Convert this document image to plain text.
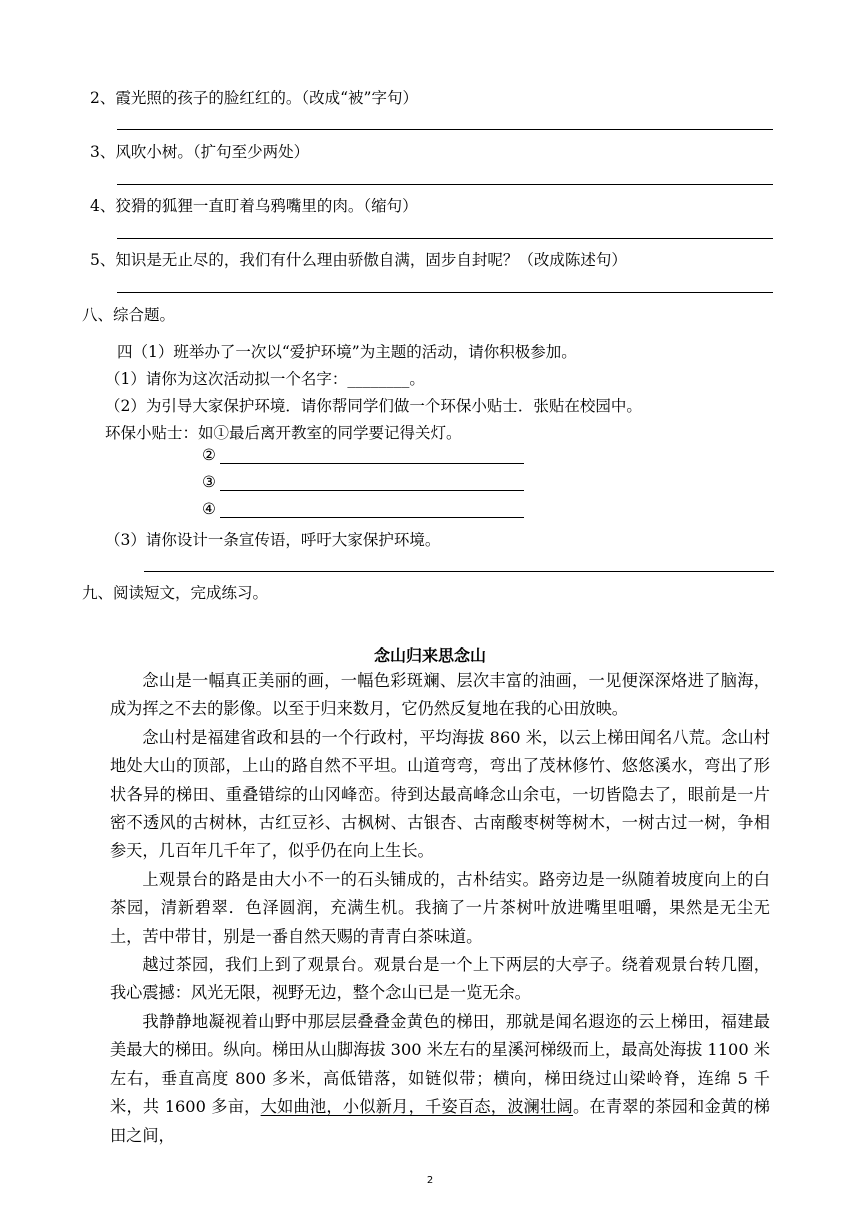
2、霞光照的孩子的脸红红的。（改成“被”字句）
3、风吹小树。（扩句至少两处）
4、狡猾的狐狸一直盯着乌鸦嘴里的肉。（缩句）
5、知识是无止尽的，我们有什么理由骄傲自满，固步自封呢？（改成陈述句）
八、综合题。
四（1）班举办了一次以“爱护环境”为主题的活动，请你积极参加。
（1）请你为这次活动拟一个名字：________。
（2）为引导大家保护环境．请你帮同学们做一个环保小贴士．张贴在校园中。
环保小贴士：如①最后离开教室的同学要记得关灯。
②
③
④
（3）请你设计一条宣传语，呼吁大家保护环境。
九、阅读短文，完成练习。
念山归来思念山

念山是一幅真正美丽的画，一幅色彩斑斓、层次丰富的油画，一见便深深烙进了脑海，成为挥之不去的影像。以至于归来数月，它仍然反复地在我的心田放映。

念山村是福建省政和县的一个行政村，平均海拔 860 米，以云上梯田闻名八荒。念山村地处大山的顶部，上山的路自然不平坦。山道弯弯，弯出了茂林修竹、悠悠溪水，弯出了形状各异的梯田、重叠错综的山冈峰峦。待到达最高峰念山余屯，一切皆隐去了，眼前是一片密不透风的古树林，古红豆衫、古枫树、古银杏、古南酸枣树等树木，一树古过一树，争相参天，几百年几千年了，似乎仍在向上生长。

上观景台的路是由大小不一的石头铺成的，古朴结实。路旁边是一纵随着坡度向上的白茶园，清新碧翠．色泽圆润，充满生机。我摘了一片茶树叶放进嘴里咀嚼，果然是无尘无土，苦中带甘，别是一番自然天赐的青青白茶味道。

越过茶园，我们上到了观景台。观景台是一个上下两层的大亭子。绕着观景台转几圈，我心震撼：风光无限，视野无边，整个念山已是一览无余。

我静静地凝视着山野中那层层叠叠金黄色的梯田，那就是闻名遐迩的云上梯田，福建最美最大的梯田。纵向。梯田从山脚海拔 300 米左右的星溪河梯级而上，最高处海拔 1100 米左右，垂直高度 800 多米，高低错落，如链似带；横向，梯田绕过山梁岭脊，连绵 5 千米，共 1600 多亩，大如曲池，小似新月，千姿百态，波澜壮阔。在青翠的茶园和金黄的梯田之间，

2
